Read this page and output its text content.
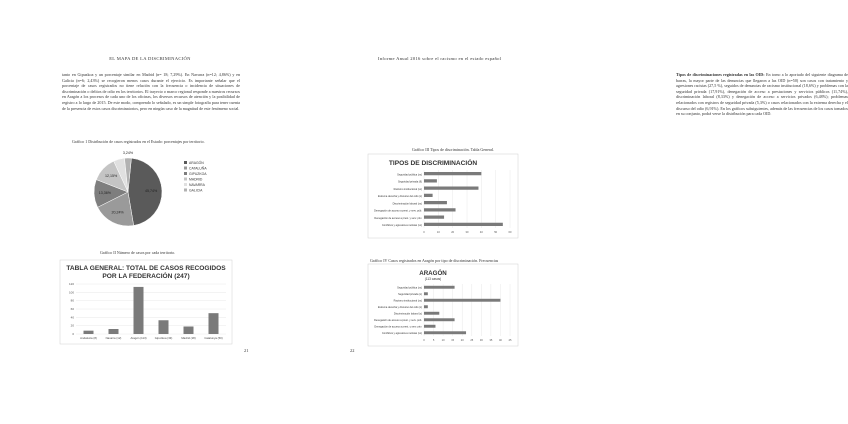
EL MAPA DE LA DISCRIMINACIÓN
tanto en Gipuzkoa y un porcentaje similar en Madrid (n= 18; 7,29%). En Navarra (n=12; 4,86%) y en Galicia (n=6; 2,43%) se recogieron menos casos durante el ejercicio. Es importante señalar que el porcentaje de casos registrados no tiene relación con la frecuencia o incidencia de situaciones de discriminación o delitos de odio en los territorios. El trayecto o marco regional responde a nuestros recursos en Aragón a los procesos de cada uno de los oficinas, los diversos recursos de atención y la posibilidad de registro a lo largo de 2015. De este modo, comprendo lo señalado, es un simple fotografía para tener cuenta de la presencia de estos casos discriminatorios, pero en ningún caso de la magnitud de este fenómeno social.
Gráfico 1 Distribución de casos registrados en el Estado: porcentajes por territorio.
45,74%
20,24%
13,36%
12,15%
3,24%
ARAGÓN
CATALUÑA
GIPUZKOA
MADRID
NAVARRA
GALICIA
Gráfico II Número de casos por cada territorio.
TABLA GENERAL: TOTAL DE CASOS RECOGIDOS
POR LA FEDERACIÓN (247)
0
20
40
60
80
100
120
Andalucía (8)	Navarra (12)	Aragón (113)	Gipuzkoa (33)	Madrid (18)	Catalunya (50)
21
Informe Anual 2016 sobre el racismo en el estado español
Tipos de discriminaciones registradas en las OID: En torno a lo aportado del siguiente diagrama de barras, la mayor parte de las denuncias que llegaron a las OID (n=50) son casos con tratamiento y agresiones racistas (27,5 %), seguidos de denuncias de racismo institucional (18,6%) y problemas con la seguridad privada (17,91%), denegación de acceso a prestaciones y servicios públicos (11,74%), discriminación laboral (8,33%) y denegación de acceso a servicios privados (6,48%); problemas relacionados con registros de seguridad privada (5,3%) o casos relacionados con la extrema derecha y el discurso del odio (6,91%). En los gráficos subsiguientes, además de las frecuencias de los casos tomados en su conjunto, podrá verse la distribución para cada OID.
Gráfico III Tipos de discriminación. Tabla General.
TIPOS DE DISCRIMINACIÓN
0	10	20	30	40	50	60
Seguridad pública (xx)
Seguridad privada (9)
Racismo institucional (xx)
Extrema derecha y discurso del odio (x)
Discriminación laboral (xx)
Denegación de acceso a prest. y serv. púb.
Denegación de acceso a prest. y serv. priv.
Conflictos y agresiones racistas (xx)
Gráfico IV Casos registrados en Aragón por tipo de discriminación. Frecuencias
ARAGÓN
(113 casos)
0	5	10	15	20	25	30	35	40	45
Seguridad pública (xx)
Seguridad privada (x)
Racismo institucional (xx)
Extrema derecha y discurso del odio (x)
Discriminación laboral (x)
Denegación de acceso a prest. y serv. púb.
Denegación de acceso a prest. y serv. priv.
Conflictos y agresiones racistas (xx)
22
